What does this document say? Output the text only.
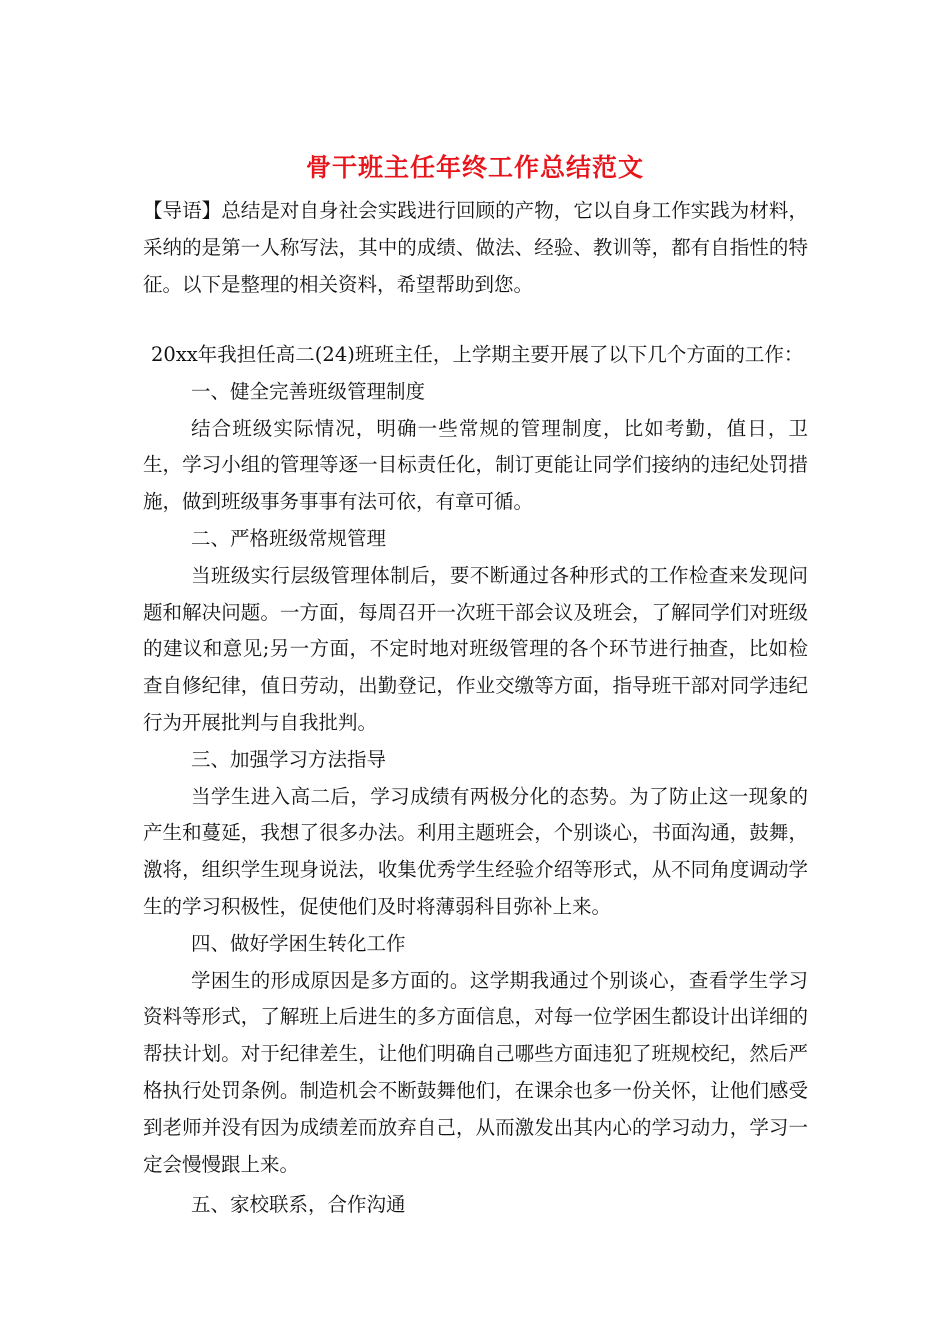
骨干班主任年终工作总结范文
【导语】总结是对自身社会实践进行回顾的产物，它以自身工作实践为材料，采纳的是第一人称写法，其中的成绩、做法、经验、教训等，都有自指性的特征。以下是整理的相关资料，希望帮助到您。
20xx年我担任高二(24)班班主任，上学期主要开展了以下几个方面的工作：
一、健全完善班级管理制度

结合班级实际情况，明确一些常规的管理制度，比如考勤，值日，卫生，学习小组的管理等逐一目标责任化，制订更能让同学们接纳的违纪处罚措施，做到班级事务事事有法可依，有章可循。

二、严格班级常规管理

当班级实行层级管理体制后，要不断通过各种形式的工作检查来发现问题和解决问题。一方面，每周召开一次班干部会议及班会，了解同学们对班级的建议和意见;另一方面，不定时地对班级管理的各个环节进行抽查，比如检查自修纪律，值日劳动，出勤登记，作业交缴等方面，指导班干部对同学违纪行为开展批判与自我批判。

三、加强学习方法指导

当学生进入高二后，学习成绩有两极分化的态势。为了防止这一现象的产生和蔓延，我想了很多办法。利用主题班会，个别谈心，书面沟通，鼓舞，激将，组织学生现身说法，收集优秀学生经验介绍等形式，从不同角度调动学生的学习积极性，促使他们及时将薄弱科目弥补上来。

四、做好学困生转化工作

学困生的形成原因是多方面的。这学期我通过个别谈心，查看学生学习资料等形式，了解班上后进生的多方面信息，对每一位学困生都设计出详细的帮扶计划。对于纪律差生，让他们明确自己哪些方面违犯了班规校纪，然后严格执行处罚条例。制造机会不断鼓舞他们，在课余也多一份关怀，让他们感受到老师并没有因为成绩差而放弃自己，从而激发出其内心的学习动力，学习一定会慢慢跟上来。

五、家校联系，合作沟通
